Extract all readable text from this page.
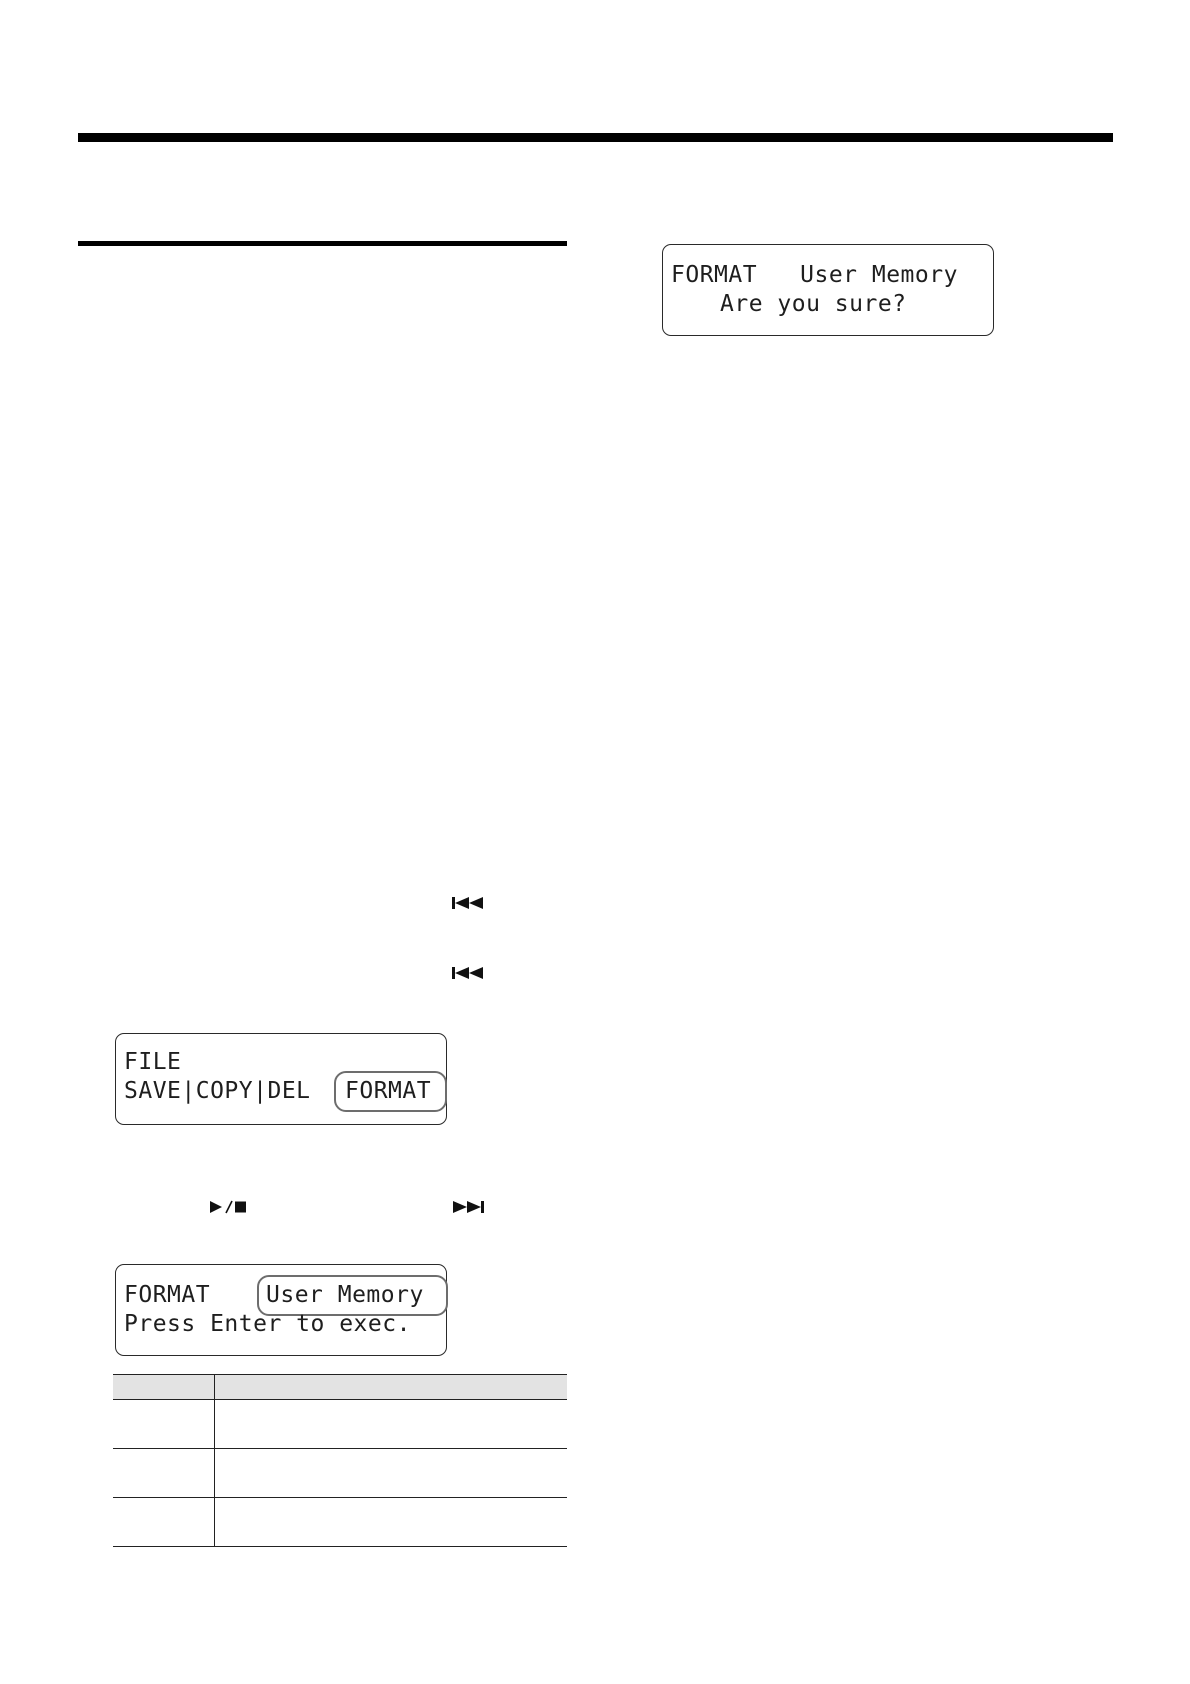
FILE
SAVE|COPY|DEL FORMAT
FORMAT User Memory
Press Enter to exec.

FORMAT   User Memory
Are you sure?
